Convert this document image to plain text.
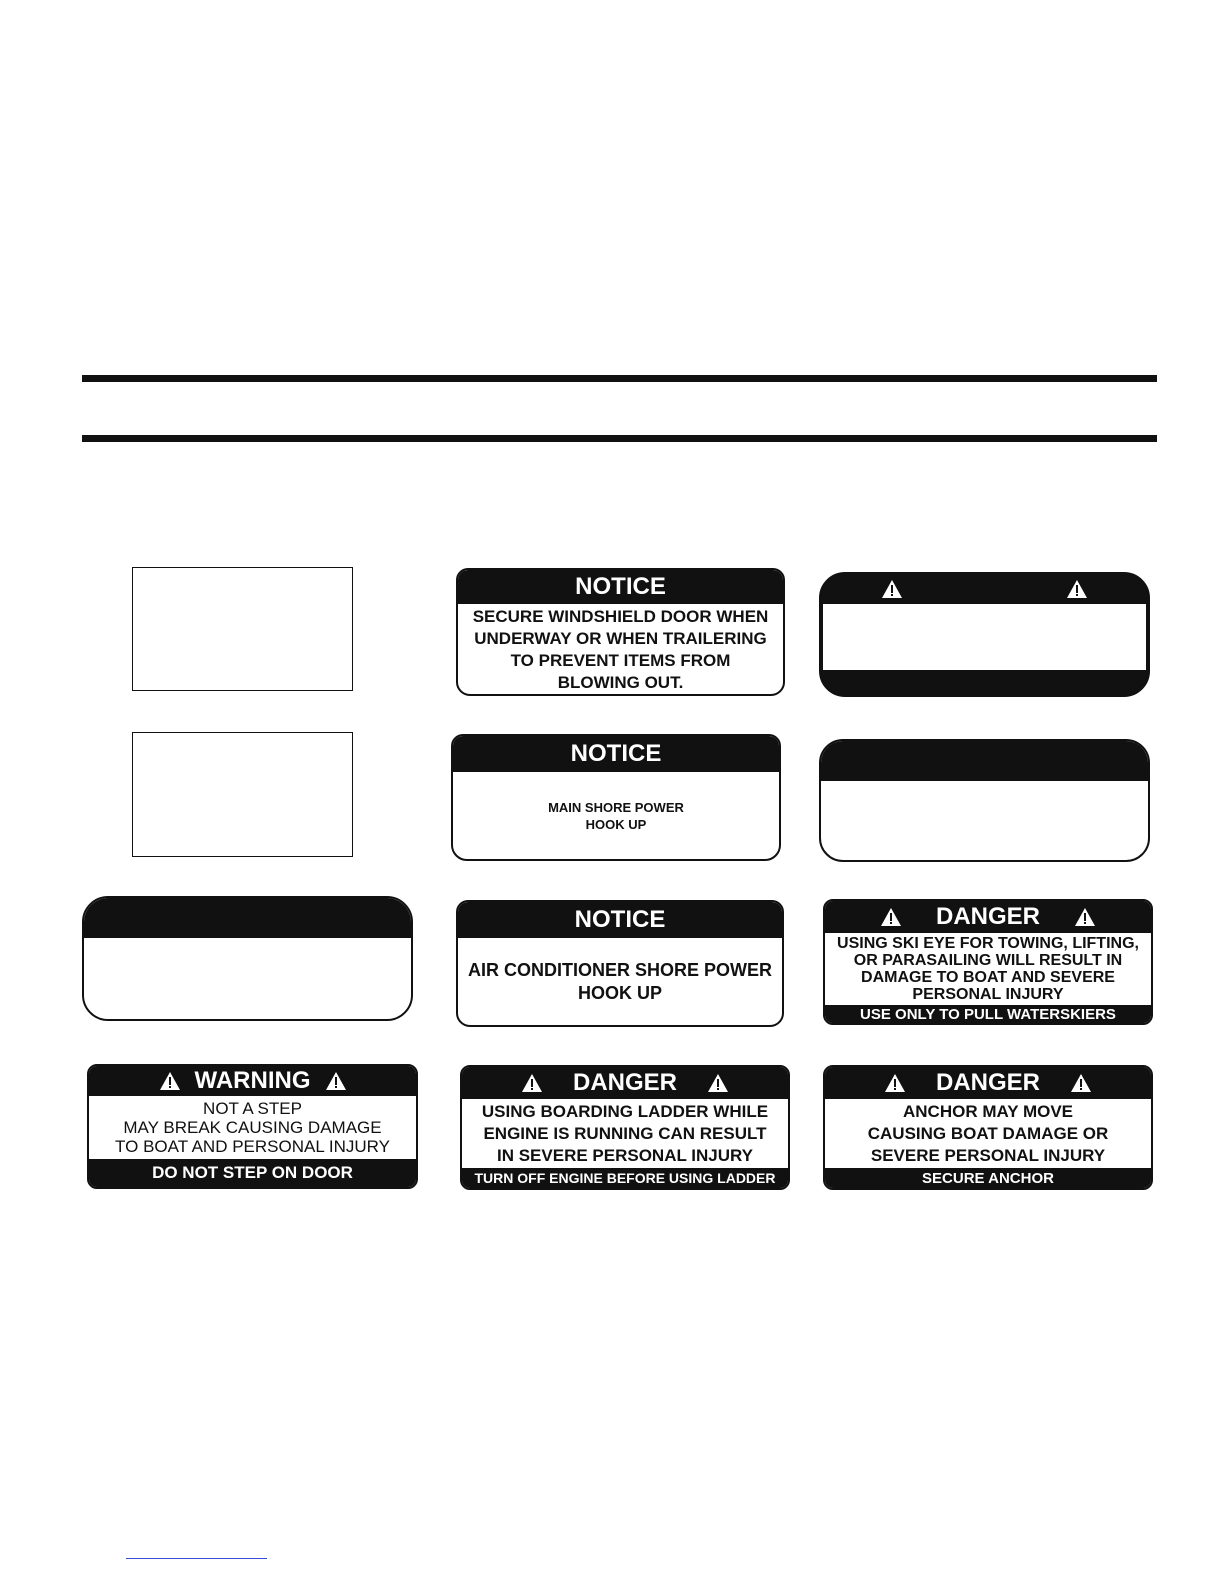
NOTICE
SECURE WINDSHIELD DOOR WHEN
UNDERWAY OR WHEN TRAILERING
TO PREVENT ITEMS FROM
BLOWING OUT.
NOTICE
MAIN SHORE POWER
HOOK UP
NOTICE
AIR CONDITIONER SHORE POWER
HOOK UP
DANGER
USING SKI EYE FOR TOWING, LIFTING,
OR PARASAILING WILL RESULT IN
DAMAGE TO BOAT AND SEVERE
PERSONAL INJURY
USE ONLY TO PULL WATERSKIERS
WARNING
NOT A STEP
MAY BREAK CAUSING DAMAGE
TO BOAT AND PERSONAL INJURY
DO NOT STEP ON DOOR
DANGER
USING BOARDING LADDER WHILE
ENGINE IS RUNNING CAN RESULT
IN SEVERE PERSONAL INJURY
TURN OFF ENGINE BEFORE USING LADDER
DANGER
ANCHOR MAY MOVE
CAUSING BOAT DAMAGE OR
SEVERE PERSONAL INJURY
SECURE ANCHOR
